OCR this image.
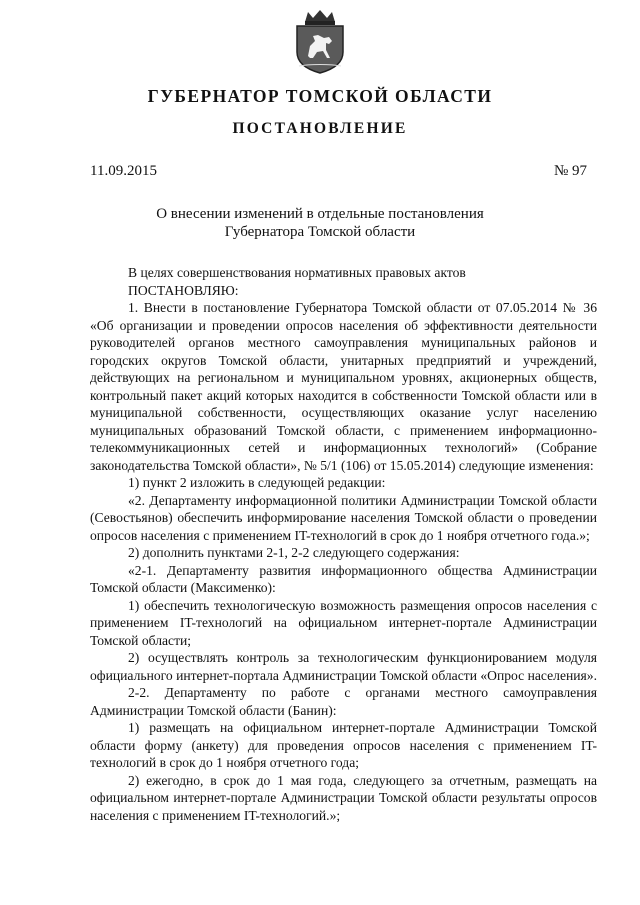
ГУБЕРНАТОР ТОМСКОЙ ОБЛАСТИ
ПОСТАНОВЛЕНИЕ
11.09.2015	№ 97
О внесении изменений в отдельные постановления
Губернатора Томской области

В целях совершенствования нормативных правовых актов

ПОСТАНОВЛЯЮ:

1. Внести в постановление Губернатора Томской области от 07.05.2014 № 36 «Об организации и проведении опросов населения об эффективности деятельности руководителей органов местного самоуправления муниципальных районов и городских округов Томской области, унитарных предприятий и учреждений, действующих на региональном и муниципальном уровнях, акционерных обществ, контрольный пакет акций которых находится в собственности Томской области или в муниципальной собственности, осуществляющих оказание услуг населению муниципальных образований Томской области, с применением информационно-телекоммуникационных сетей и информационных технологий» (Собрание законодательства Томской области», № 5/1 (106) от 15.05.2014) следующие изменения:

1) пункт 2 изложить в следующей редакции:

«2. Департаменту информационной политики Администрации Томской области (Севостьянов) обеспечить информирование населения Томской области о проведении опросов населения с применением IT-технологий в срок до 1 ноября отчетного года.»;

2) дополнить пунктами 2-1, 2-2 следующего содержания:

«2-1. Департаменту развития информационного общества Администрации Томской области (Максименко):

1) обеспечить технологическую возможность размещения опросов населения с применением IT-технологий на официальном интернет-портале Администрации Томской области;

2) осуществлять контроль за технологическим функционированием модуля официального интернет-портала Администрации Томской области «Опрос населения».

2-2. Департаменту по работе с органами местного самоуправления Администрации Томской области (Банин):

1) размещать на официальном интернет-портале Администрации Томской области форму (анкету) для проведения опросов населения с применением IT-технологий в срок до 1 ноября отчетного года;

2) ежегодно, в срок до 1 мая года, следующего за отчетным, размещать на официальном интернет-портале Администрации Томской области результаты опросов населения с применением IT-технологий.»;
